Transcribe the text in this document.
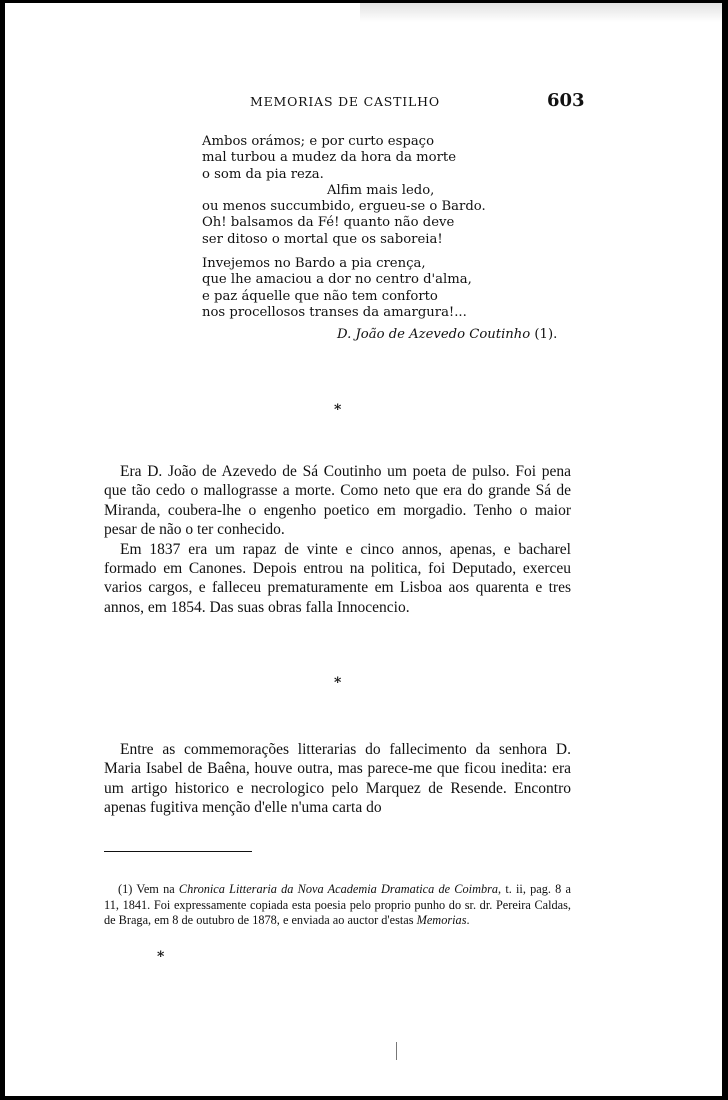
MEMORIAS DE CASTILHO	603
Ambos orámos; e por curto espaço
mal turbou a mudez da hora da morte
o som da pia reza.
Alfim mais ledo,
ou menos succumbido, ergueu-se o Bardo.
Oh! balsamos da Fé! quanto não deve
ser ditoso o mortal que os saboreia!
Invejemos no Bardo a pia crença,
que lhe amaciou a dor no centro d'alma,
e paz áquelle que não tem conforto
nos procellosos transes da amargura!...
D. João de Azevedo Coutinho (1).
*

Era D. João de Azevedo de Sá Coutinho um poeta de pulso. Foi pena que tão cedo o mallograsse a morte. Como neto que era do grande Sá de Miranda, coubera-lhe o engenho poetico em morgadio. Tenho o maior pesar de não o ter conhecido.

Em 1837 era um rapaz de vinte e cinco annos, apenas, e bacharel formado em Canones. Depois entrou na politica, foi Deputado, exerceu varios cargos, e falleceu prematuramente em Lisboa aos quarenta e tres annos, em 1854. Das suas obras falla Innocencio.

*

Entre as commemorações litterarias do fallecimento da senhora D. Maria Isabel de Baêna, houve outra, mas parece-me que ficou inedita: era um artigo historico e necrologico pelo Marquez de Resende. Encontro apenas fugitiva menção d'elle n'uma carta do

(1) Vem na Chronica Litteraria da Nova Academia Dramatica de Coimbra, t. ii, pag. 8 a 11, 1841. Foi expressamente copiada esta poesia pelo proprio punho do sr. dr. Pereira Caldas, de Braga, em 8 de outubro de 1878, e enviada ao auctor d'estas Memorias.
*
